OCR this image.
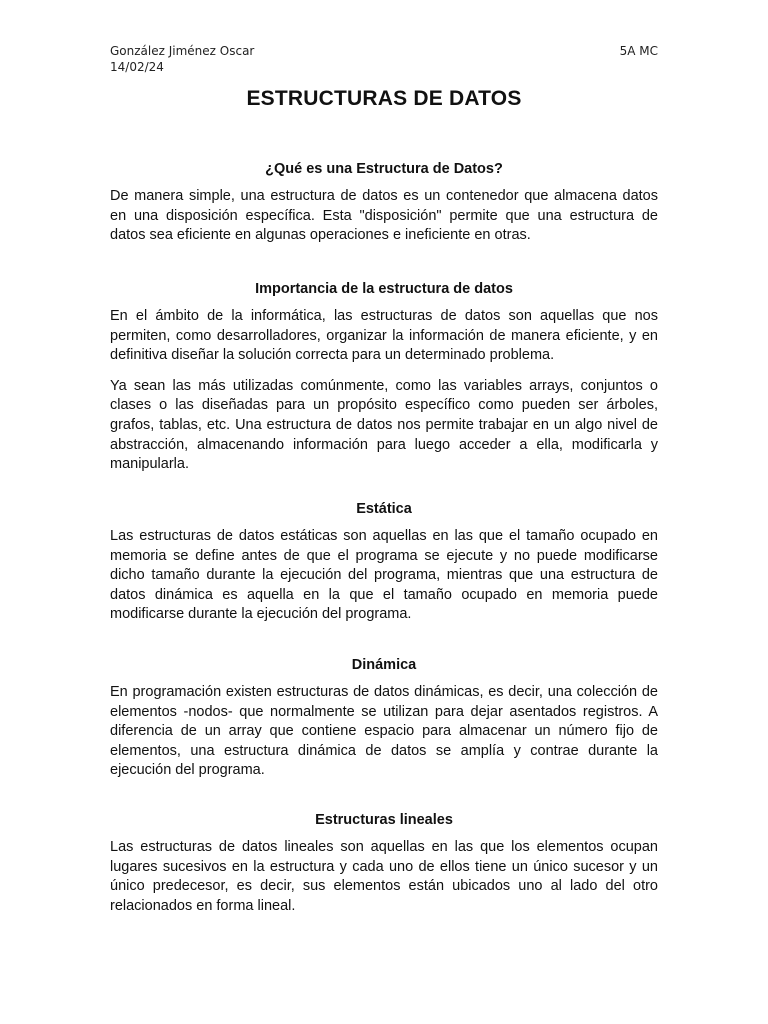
González Jiménez Oscar
14/02/24
5A MC
ESTRUCTURAS DE DATOS
¿Qué es una Estructura de Datos?

De manera simple, una estructura de datos es un contenedor que almacena datos en una disposición específica. Esta "disposición" permite que una estructura de datos sea eficiente en algunas operaciones e ineficiente en otras.

Importancia de la estructura de datos

En el ámbito de la informática, las estructuras de datos son aquellas que nos permiten, como desarrolladores, organizar la información de manera eficiente, y en definitiva diseñar la solución correcta para un determinado problema.

Ya sean las más utilizadas comúnmente, como las variables arrays, conjuntos o clases o las diseñadas para un propósito específico como pueden ser árboles, grafos, tablas, etc. Una estructura de datos nos permite trabajar en un algo nivel de abstracción, almacenando información para luego acceder a ella, modificarla y manipularla.

Estática

Las estructuras de datos estáticas son aquellas en las que el tamaño ocupado en memoria se define antes de que el programa se ejecute y no puede modificarse dicho tamaño durante la ejecución del programa, mientras que una estructura de datos dinámica es aquella en la que el tamaño ocupado en memoria puede modificarse durante la ejecución del programa.

Dinámica

En programación existen estructuras de datos dinámicas, es decir, una colección de elementos -nodos- que normalmente se utilizan para dejar asentados registros. A diferencia de un array que contiene espacio para almacenar un número fijo de elementos, una estructura dinámica de datos se amplía y contrae durante la ejecución del programa.

Estructuras lineales

Las estructuras de datos lineales son aquellas en las que los elementos ocupan lugares sucesivos en la estructura y cada uno de ellos tiene un único sucesor y un único predecesor, es decir, sus elementos están ubicados uno al lado del otro relacionados en forma lineal.
